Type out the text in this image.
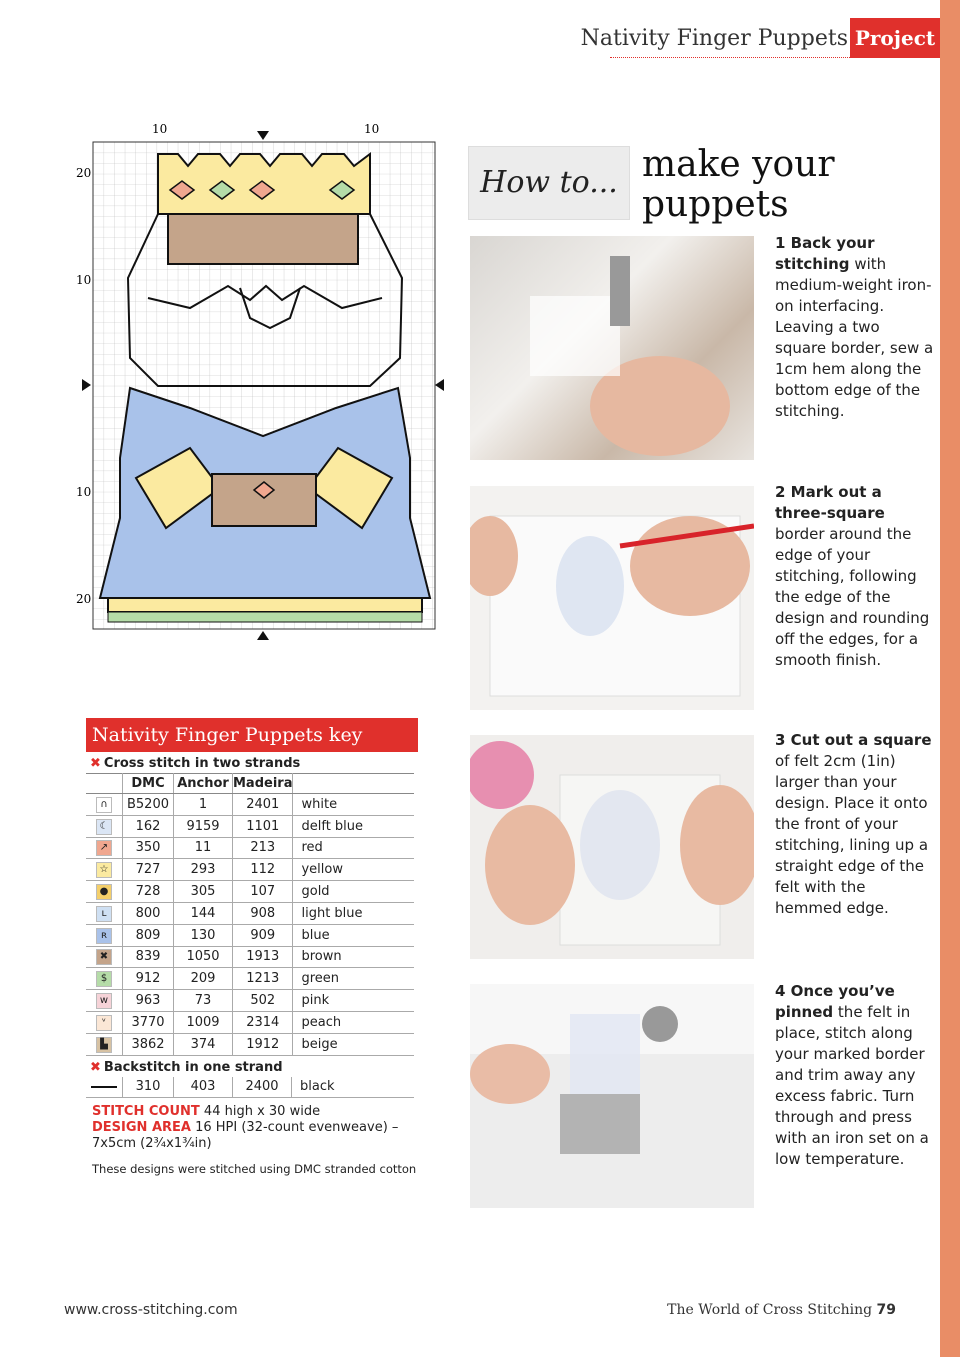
Nativity Finger Puppets Project
10	10
20
10
10
20
Nativity Finger Puppets key
✖ Cross stitch in two strands
	DMC	Anchor	Madeira	
∩	B5200	1	2401	white
☾	162	9159	1101	delft blue
↗	350	11	213	red
☆	727	293	112	yellow
●	728	305	107	gold
ʟ	800	144	908	light blue
ʀ	809	130	909	blue
✖	839	1050	1913	brown
$	912	209	1213	green
w	963	73	502	pink
ᵛ	3770	1009	2314	peach
▙	3862	374	1912	beige
✖ Backstitch in one strand
	310	403	2400	black
STITCH COUNT 44 high x 30 wide
DESIGN AREA 16 HPI (32-count evenweave) – 7x5cm (2¾x1¾in)
These designs were stitched using DMC stranded cotton
How to... make your
puppets
1 Back your stitching with medium-weight iron-on interfacing. Leaving a two square border, sew a 1cm hem along the bottom edge of the stitching.
2 Mark out a three-square border around the edge of your stitching, following the edge of the design and rounding off the edges, for a smooth finish.
3 Cut out a square of felt 2cm (1in) larger than your design. Place it onto the front of your stitching, lining up a straight edge of the felt with the hemmed edge.
4 Once you’ve pinned the felt in place, stitch along your marked border and trim away any excess fabric. Turn through and press with an iron set on a low temperature.
www.cross-stitching.com	The World of Cross Stitching 79
